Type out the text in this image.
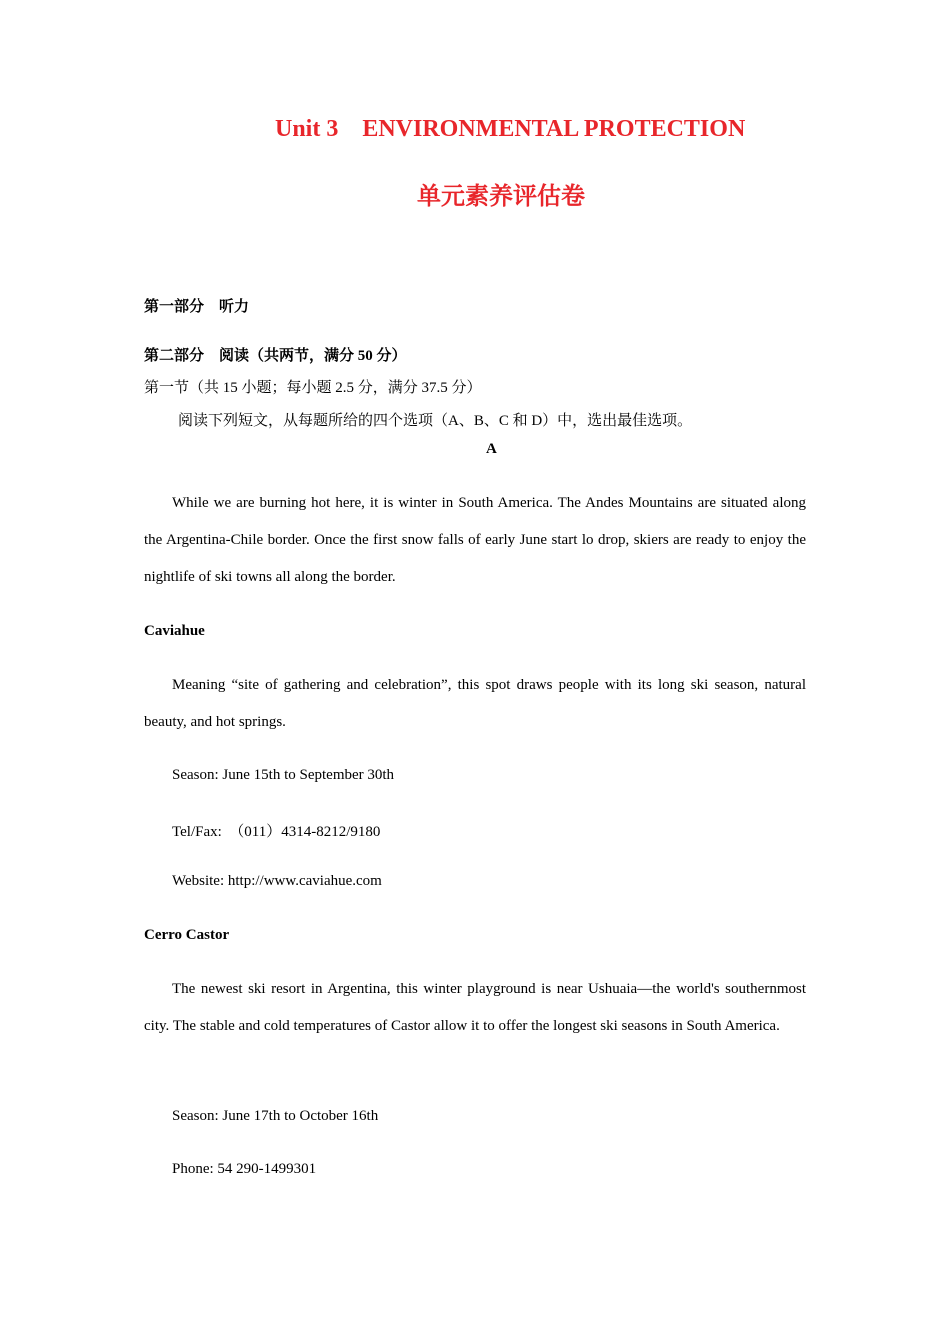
Unit 3    ENVIRONMENTAL PROTECTION
单元素养评估卷
第一部分    听力
第二部分    阅读（共两节，满分 50 分）
第一节（共 15 小题；每小题 2.5 分，满分 37.5 分）
阅读下列短文，从每题所给的四个选项（A、B、C 和 D）中，选出最佳选项。
A

While we are burning hot here, it is winter in South America. The Andes Mountains are situated along the Argentina-Chile border. Once the first snow falls of early June start lo drop, skiers are ready to enjoy the nightlife of ski towns all along the border.

Caviahue

Meaning “site of gathering and celebration”, this spot draws people with its long ski season, natural beauty, and hot springs.

Season: June 15th to September 30th
Tel/Fax:  （011）4314-8212/9180
Website: http://www.caviahue.com
Cerro Castor

The newest ski resort in Argentina, this winter playground is near Ushuaia—the world's southernmost city. The stable and cold temperatures of Castor allow it to offer the longest ski seasons in South America.

Season: June 17th to October 16th
Phone: 54 290-1499301
